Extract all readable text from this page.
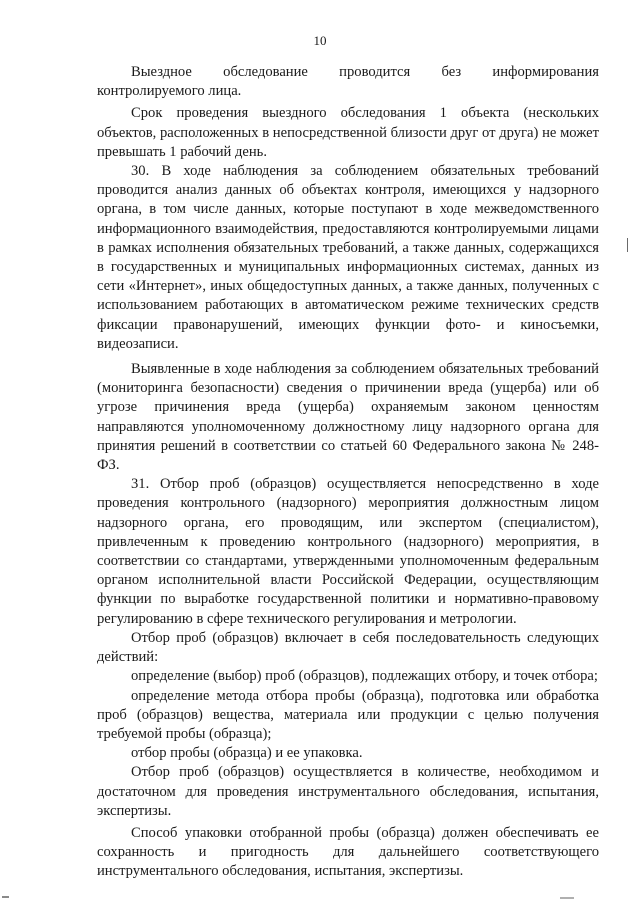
10

Выездное обследование проводится без информирования контролируемого лица.

Срок проведения выездного обследования 1 объекта (нескольких объектов, расположенных в непосредственной близости друг от друга) не может превышать 1 рабочий день.

30. В ходе наблюдения за соблюдением обязательных требований проводится анализ данных об объектах контроля, имеющихся у надзорного органа, в том числе данных, которые поступают в ходе межведомственного информационного взаимодействия, предоставляются контролируемыми лицами в рамках исполнения обязательных требований, а также данных, содержащихся в государственных и муниципальных информационных системах, данных из сети «Интернет», иных общедоступных данных, а также данных, полученных с использованием работающих в автоматическом режиме технических средств фиксации правонарушений, имеющих функции фото- и киносъемки, видеозаписи.

Выявленные в ходе наблюдения за соблюдением обязательных требований (мониторинга безопасности) сведения о причинении вреда (ущерба) или об угрозе причинения вреда (ущерба) охраняемым законом ценностям направляются уполномоченному должностному лицу надзорного органа для принятия решений в соответствии со статьей 60 Федерального закона № 248-ФЗ.

31. Отбор проб (образцов) осуществляется непосредственно в ходе проведения контрольного (надзорного) мероприятия должностным лицом надзорного органа, его проводящим, или экспертом (специалистом), привлеченным к проведению контрольного (надзорного) мероприятия, в соответствии со стандартами, утвержденными уполномоченным федеральным органом исполнительной власти Российской Федерации, осуществляющим функции по выработке государственной политики и нормативно-правовому регулированию в сфере технического регулирования и метрологии.

Отбор проб (образцов) включает в себя последовательность следующих действий:

определение (выбор) проб (образцов), подлежащих отбору, и точек отбора;

определение метода отбора пробы (образца), подготовка или обработка проб (образцов) вещества, материала или продукции с целью получения требуемой пробы (образца);

отбор пробы (образца) и ее упаковка.

Отбор проб (образцов) осуществляется в количестве, необходимом и достаточном для проведения инструментального обследования, испытания, экспертизы.

Способ упаковки отобранной пробы (образца) должен обеспечивать ее сохранность и пригодность для дальнейшего соответствующего инструментального обследования, испытания, экспертизы.
